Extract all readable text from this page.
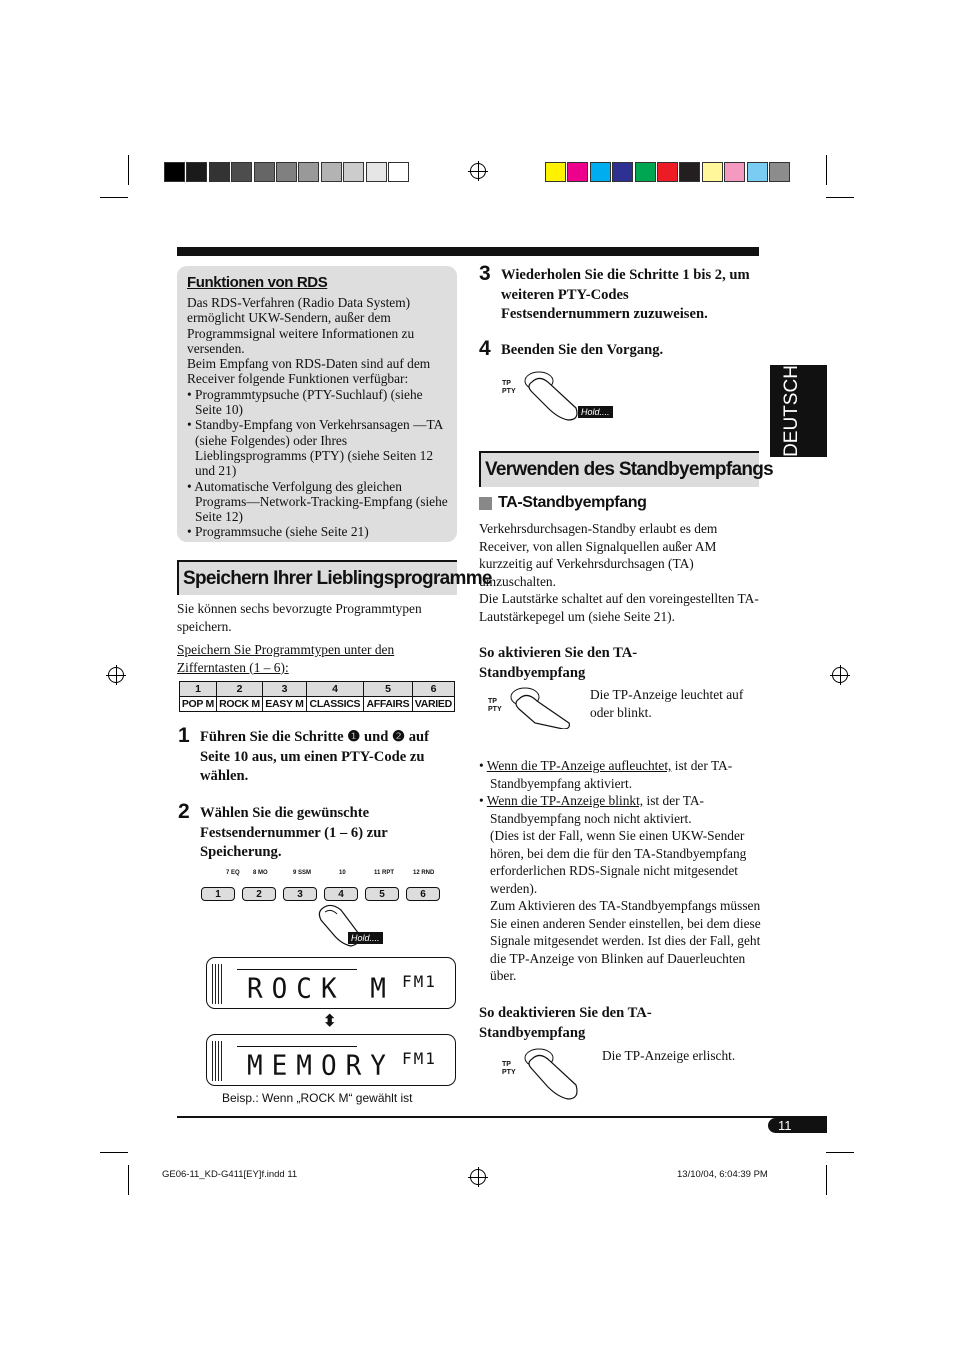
Funktionen von RDS

Das RDS-Verfahren (Radio Data System) ermöglicht UKW-Sendern, außer dem Programmsignal weitere Informationen zu versenden.

Beim Empfang von RDS-Daten sind auf dem Receiver folgende Funktionen verfügbar:

• Programmtypsuche (PTY-Suchlauf) (siehe Seite 10)

• Standby-Empfang von Verkehrsansagen —TA (siehe Folgendes) oder Ihres Lieblingsprogramms (PTY) (siehe Seiten 12 und 21)

• Automatische Verfolgung des gleichen Programs—Network-Tracking-Empfang (siehe Seite 12)

• Programmsuche (siehe Seite 21)

Speichern Ihrer Lieblingsprogramme
Sie können sechs bevorzugte Programmtypen speichern.
Speichern Sie Programmtypen unter den Zifferntasten (1 – 6):
1	2	3	4	5	6
POP M	ROCK M	EASY M	CLASSICS	AFFAIRS	VARIED
1 Führen Sie die Schritte ❶ und ❷ auf Seite 10 aus, um einen PTY-Code zu wählen.
2 Wählen Sie die gewünschte Festsendernummer (1 – 6) zur Speicherung.
7 EQ 8 MO	9 SSM	10	11 RPT	12 RND
1	2	3	4	5	6
Hold....
ROCK M FM1
⬍
MEMORY FM1
Beisp.: Wenn „ROCK M“ gewählt ist
3 Wiederholen Sie die Schritte 1 bis 2, um weiteren PTY-Codes Festsendernummern zuzuweisen.
4 Beenden Sie den Vorgang.
TP
PTY
Hold....
Verwenden des Standbyempfangs
TA-Standbyempfang
Verkehrsdurchsagen-Standby erlaubt es dem Receiver, von allen Signalquellen außer AM kurzzeitig auf Verkehrsdurchsagen (TA) umzuschalten.
Die Lautstärke schaltet auf den voreingestellten TA-Lautstärkepegel um (siehe Seite 21).
So aktivieren Sie den TA-Standbyempfang
TP
PTY
Die TP-Anzeige leuchtet auf oder blinkt.
• Wenn die TP-Anzeige aufleuchtet, ist der TA-Standbyempfang aktiviert.
• Wenn die TP-Anzeige blinkt, ist der TA-Standbyempfang noch nicht aktiviert.
(Dies ist der Fall, wenn Sie einen UKW-Sender hören, bei dem die für den TA-Standbyempfang erforderlichen RDS-Signale nicht mitgesendet werden).
Zum Aktivieren des TA-Standbyempfangs müssen Sie einen anderen Sender einstellen, bei dem diese Signale mitgesendet werden. Ist dies der Fall, geht die TP-Anzeige von Blinken auf Dauerleuchten über.
So deaktivieren Sie den TA-Standbyempfang
TP
PTY
Die TP-Anzeige erlischt.
DEUTSCH
11
GE06-11_KD-G411[EY]f.indd 11	13/10/04, 6:04:39 PM
